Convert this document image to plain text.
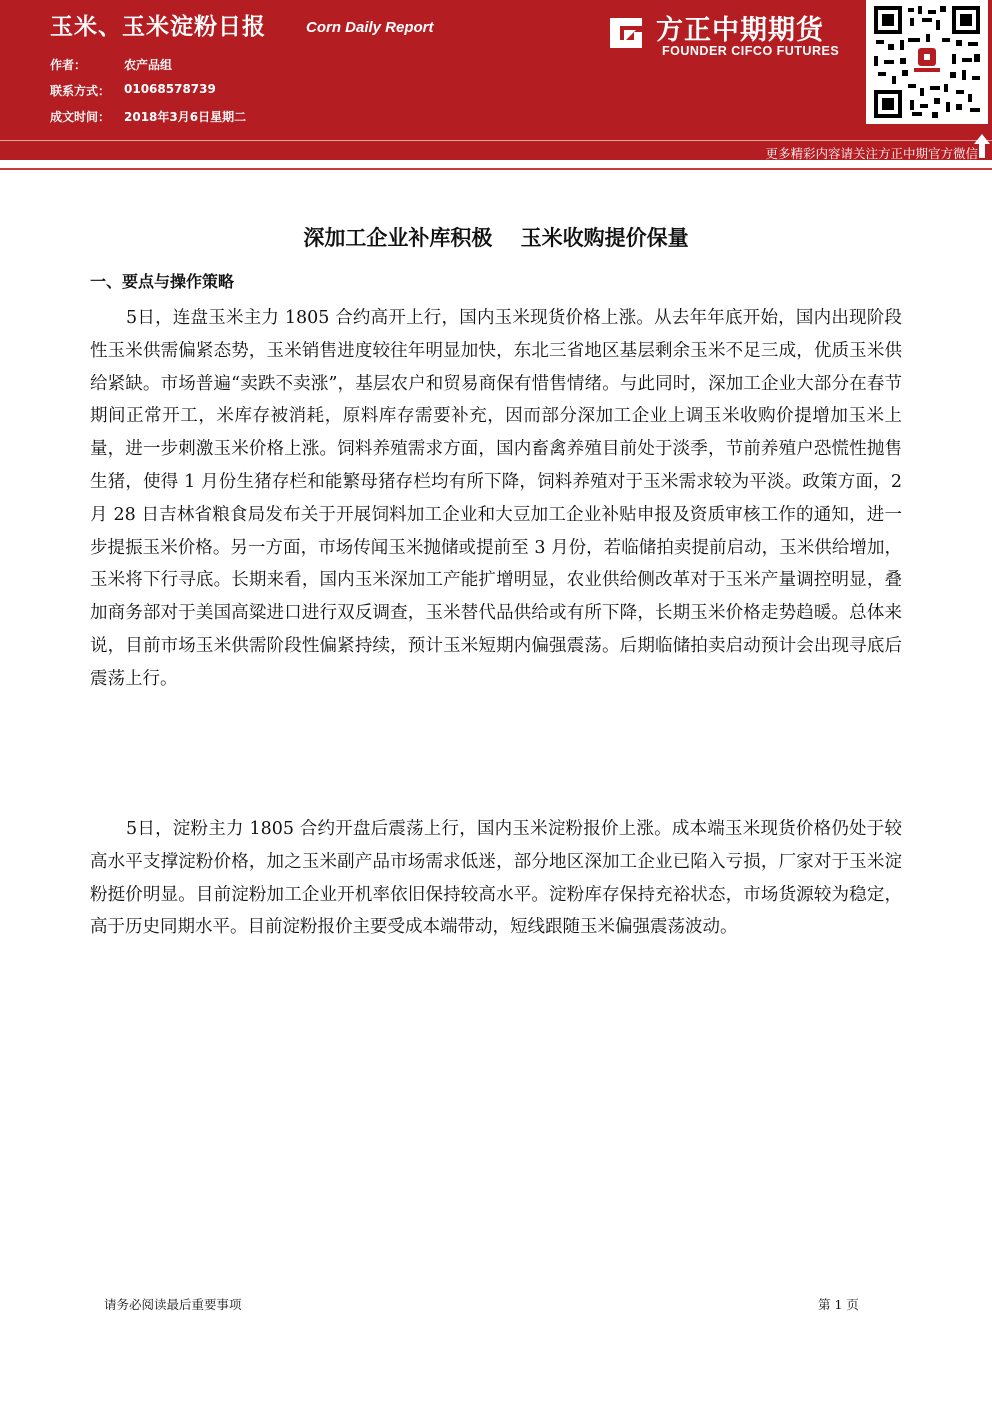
玉米、玉米淀粉日报	Corn Daily Report
作者：	农产品组
联系方式： 01068578739
成文时间： 2018年3月6日星期二
方正中期期货
FOUNDER CIFCO FUTURES
更多精彩内容请关注方正中期官方微信
深加工企业补库积极　 玉米收购提价保量
一、要点与操作策略
5日，连盘玉米主力 1805 合约高开上行，国内玉米现货价格上涨。从去年年底开始，国内出现阶段性玉米供需偏紧态势，玉米销售进度较往年明显加快，东北三省地区基层剩余玉米不足三成，优质玉米供给紧缺。市场普遍“卖跌不卖涨”，基层农户和贸易商保有惜售情绪。与此同时，深加工企业大部分在春节期间正常开工，米库存被消耗，原料库存需要补充，因而部分深加工企业上调玉米收购价提增加玉米上量，进一步刺激玉米价格上涨。饲料养殖需求方面，国内畜禽养殖目前处于淡季，节前养殖户恐慌性抛售生猪，使得 1 月份生猪存栏和能繁母猪存栏均有所下降，饲料养殖对于玉米需求较为平淡。政策方面，2 月 28 日吉林省粮食局发布关于开展饲料加工企业和大豆加工企业补贴申报及资质审核工作的通知，进一步提振玉米价格。另一方面，市场传闻玉米抛储或提前至 3 月份，若临储拍卖提前启动，玉米供给增加，玉米将下行寻底。长期来看，国内玉米深加工产能扩增明显，农业供给侧改革对于玉米产量调控明显，叠加商务部对于美国高粱进口进行双反调查，玉米替代品供给或有所下降，长期玉米价格走势趋暖。总体来说，目前市场玉米供需阶段性偏紧持续，预计玉米短期内偏强震荡。后期临储拍卖启动预计会出现寻底后震荡上行。
5日，淀粉主力 1805 合约开盘后震荡上行，国内玉米淀粉报价上涨。成本端玉米现货价格仍处于较高水平支撑淀粉价格，加之玉米副产品市场需求低迷，部分地区深加工企业已陷入亏损，厂家对于玉米淀粉挺价明显。目前淀粉加工企业开机率依旧保持较高水平。淀粉库存保持充裕状态，市场货源较为稳定，高于历史同期水平。目前淀粉报价主要受成本端带动，短线跟随玉米偏强震荡波动。
请务必阅读最后重要事项	第 1 页
